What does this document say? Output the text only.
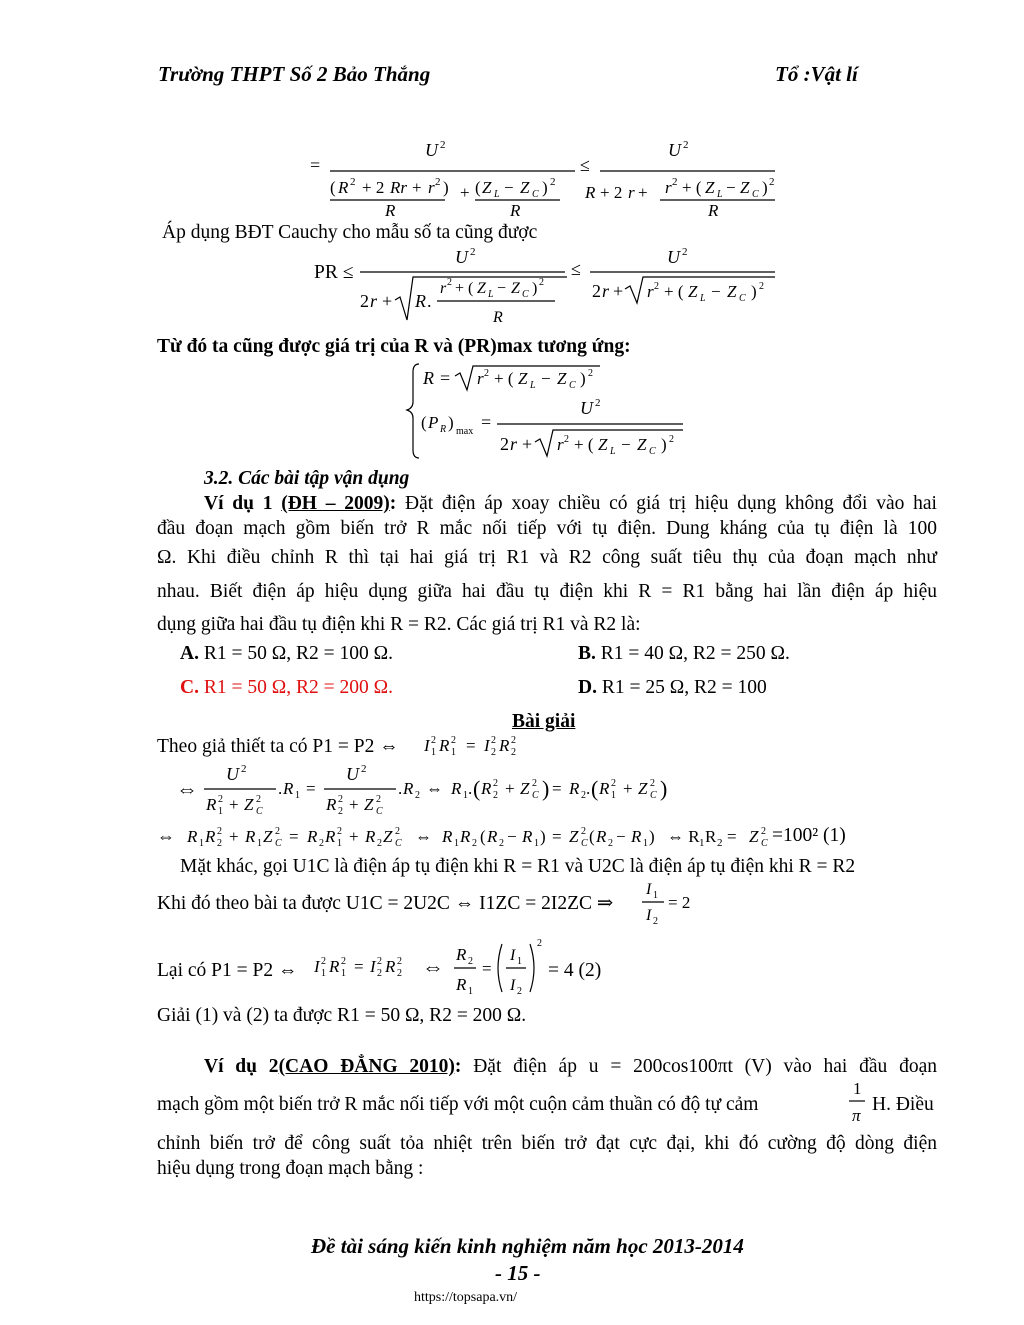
Trường THPT Số 2 Bảo Thắng	Tổ :Vật lí
=
U 2
( R 2 + 2 Rr + r 2 ) + ( Z L − Z C ) 2
R	R
≤
U 2
R + 2 r + r 2 + ( Z L − Z C ) 2
R
Áp dụng BĐT Cauchy cho mẫu số ta cũng được
PR ≤
U 2
2 r + R .
r 2 + ( Z L − Z C ) 2
R
≤
U 2
2 r + r 2 + ( Z L − Z C ) 2
Từ đó ta cũng được giá trị của R và (PR)max tương ứng:
R = r 2 + ( Z L − Z C ) 2
( P R ) max =
U 2
2 r + r 2 + ( Z L − Z C ) 2
3.2. Các bài tập vận dụng
Ví dụ 1 (ĐH – 2009): Đặt điện áp xoay chiều có giá trị hiệu dụng không đổi vào hai
đầu đoạn mạch gồm biến trở R mắc nối tiếp với tụ điện. Dung kháng của tụ điện là 100
Ω. Khi điều chỉnh R thì tại hai giá trị R1 và R2 công suất tiêu thụ của đoạn mạch như
nhau. Biết điện áp hiệu dụng giữa hai đầu tụ điện khi R = R1 bằng hai lần điện áp hiệu
dụng giữa hai đầu tụ điện khi R = R2. Các giá trị R1 và R2 là:
A. R1 = 50 Ω, R2 = 100 Ω.	B. R1 = 40 Ω, R2 = 250 Ω.
C. R1 = 50 Ω, R2 = 200 Ω.	D. R1 = 25 Ω, R2 = 100
Bài giải
Theo giả thiết ta có P1 = P2 ⇔ I 2
1 R 2
1 = I 2
2 R 2
2
⇔
U 2
R 2
1 + Z 2
C
. R 1 =
U 2
R 2
2 + Z 2
C
. R 2 ⇔ R 1 . ( R 2
2 + Z 2
C ) = R 2 . ( R 2
1 + Z 2
C )
⇔ R 1 R 2
2 + R 1 Z 2
C = R 2 R 2
1 + R 2 Z 2
C ⇔ R 1 R 2 ( R 2 − R 1 ) = Z 2
C ( R 2 − R 1 ) ⇔ R 1 R 2 = Z 2
C =100² (1)
Mặt khác, gọi U1C là điện áp tụ điện khi R = R1 và U2C là điện áp tụ điện khi R = R2
Khi đó theo bài ta được U1C = 2U2C ⇔ I1ZC = 2I2ZC ⇒
I 1
I 2
= 2
Lại có P1 = P2 ⇔ I 2
1 R 2
1 = I 2
2 R 2
2 ⇔ R 2
R 1
=
I 1
I 2
2
= 4 (2)
Giải (1) và (2) ta được R1 = 50 Ω, R2 = 200 Ω.
Ví dụ 2(CAO ĐẲNG 2010): Đặt điện áp u = 200cos100πt (V) vào hai đầu đoạn
mạch gồm một biến trở R mắc nối tiếp với một cuộn cảm thuần có độ tự cảm
1
π
H. Điều
chỉnh biến trở để công suất tỏa nhiệt trên biến trở đạt cực đại, khi đó cường độ dòng điện
hiệu dụng trong đoạn mạch bằng :
Đề tài sáng kiến kinh nghiệm năm học 2013-2014
- 15 -
https://topsapa.vn/
